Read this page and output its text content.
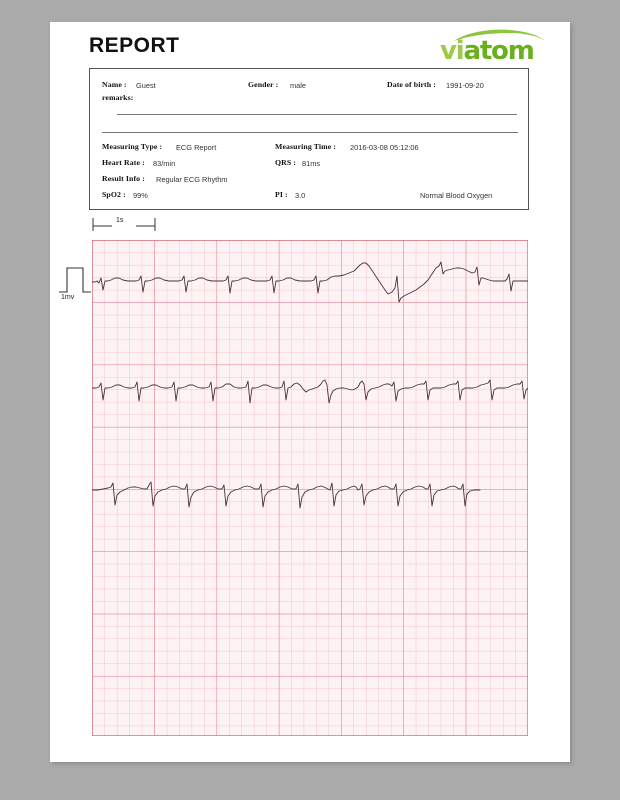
REPORT	viatom
Name : Guest	Gender : male	Date of birth : 1991-09-20
remarks:
Measuring Type : ECG Report	Measuring Time : 2016-03-08 05:12:06
Heart Rate : 83/min	QRS : 81ms
Result Info : Regular ECG Rhythm
SpO2 : 99%	PI : 3.0	Normal Blood Oxygen
1s
1mv
